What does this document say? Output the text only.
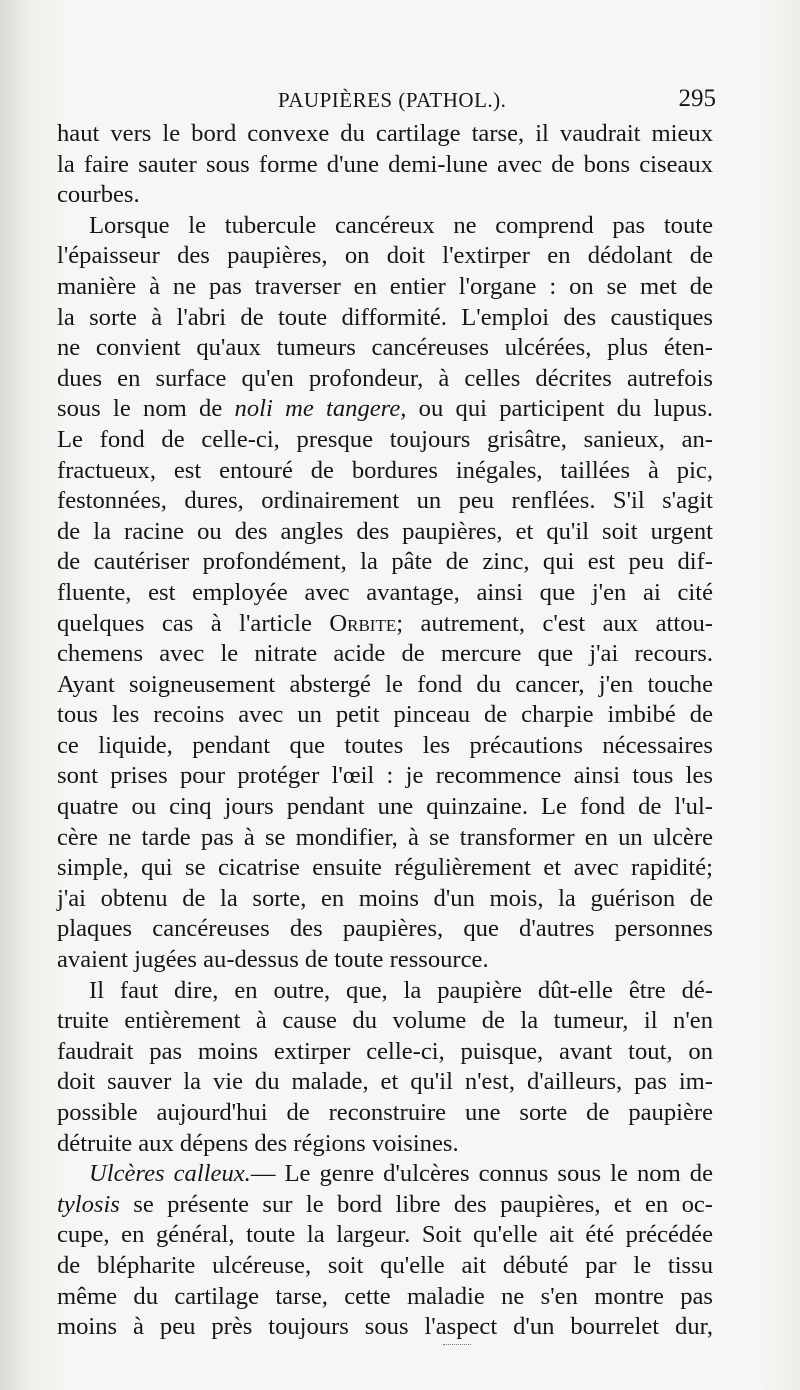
PAUPIÈRES (PATHOL.).	295

haut vers le bord convexe du cartilage tarse, il vaudrait mieux
la faire sauter sous forme d'une demi-lune avec de bons ciseaux
courbes.

Lorsque le tubercule cancéreux ne comprend pas toute
l'épaisseur des paupières, on doit l'extirper en dédolant de
manière à ne pas traverser en entier l'organe : on se met de
la sorte à l'abri de toute difformité. L'emploi des caustiques
ne convient qu'aux tumeurs cancéreuses ulcérées, plus éten-
dues en surface qu'en profondeur, à celles décrites autrefois
sous le nom de noli me tangere, ou qui participent du lupus.
Le fond de celle-ci, presque toujours grisâtre, sanieux, an-
fractueux, est entouré de bordures inégales, taillées à pic,
festonnées, dures, ordinairement un peu renflées. S'il s'agit
de la racine ou des angles des paupières, et qu'il soit urgent
de cautériser profondément, la pâte de zinc, qui est peu dif-
fluente, est employée avec avantage, ainsi que j'en ai cité
quelques cas à l'article Orbite; autrement, c'est aux attou-
chemens avec le nitrate acide de mercure que j'ai recours.
Ayant soigneusement abstergé le fond du cancer, j'en touche
tous les recoins avec un petit pinceau de charpie imbibé de
ce liquide, pendant que toutes les précautions nécessaires
sont prises pour protéger l'œil : je recommence ainsi tous les
quatre ou cinq jours pendant une quinzaine. Le fond de l'ul-
cère ne tarde pas à se mondifier, à se transformer en un ulcère
simple, qui se cicatrise ensuite régulièrement et avec rapidité;
j'ai obtenu de la sorte, en moins d'un mois, la guérison de
plaques cancéreuses des paupières, que d'autres personnes
avaient jugées au-dessus de toute ressource.

Il faut dire, en outre, que, la paupière dût-elle être dé-
truite entièrement à cause du volume de la tumeur, il n'en
faudrait pas moins extirper celle-ci, puisque, avant tout, on
doit sauver la vie du malade, et qu'il n'est, d'ailleurs, pas im-
possible aujourd'hui de reconstruire une sorte de paupière
détruite aux dépens des régions voisines.

Ulcères calleux.— Le genre d'ulcères connus sous le nom de
tylosis se présente sur le bord libre des paupières, et en oc-
cupe, en général, toute la largeur. Soit qu'elle ait été précédée
de blépharite ulcéreuse, soit qu'elle ait débuté par le tissu
même du cartilage tarse, cette maladie ne s'en montre pas
moins à peu près toujours sous l'aspect d'un bourrelet dur,
